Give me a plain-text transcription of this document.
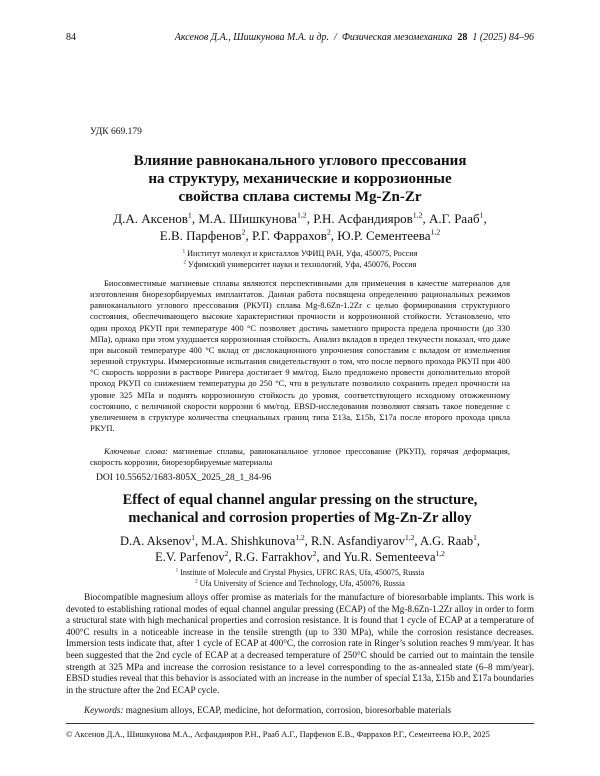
84	Аксенов Д.А., Шишкунова М.А. и др. / Физическая мезомеханика 28 1 (2025) 84–96
УДК 669.179
Влияние равноканального углового прессования
на структуру, механические и коррозионные
свойства сплава системы Mg-Zn-Zr
Д.А. Аксенов$^1$, М.А. Шишкунова$^{1,2}$, Р.Н. Асфандияров$^{1,2}$, А.Г. Рааб$^1$,
Е.В. Парфенов$^2$, Р.Г. Фаррахов$^2$, Ю.Р. Сементеева$^{1,2}$
$^1$ Институт молекул и кристаллов УФИЦ РАН, Уфа, 450075, Россия
$^2$ Уфимский университет науки и технологий, Уфа, 450076, Россия

Биосовместимые магниевые сплавы являются перспективными для применения в качестве материалов для изготовления биорезорбируемых имплантатов. Данная работа посвящена определению рациональных режимов равноканального углового прессования (РКУП) сплава Mg-8.6Zn-1.2Zr с целью формирования структурного состояния, обеспечивающего высокие характеристики прочности и коррозионной стойкости. Установлено, что один проход РКУП при температуре 400 °С позволяет достичь заметного прироста предела прочности (до 330 МПа), однако при этом ухудшается коррозионная стойкость. Анализ вкладов в предел текучести показал, что даже при высокой температуре 400 °С вклад от дислокационного упрочнения сопоставим с вкладом от измельчения зеренной структуры. Иммерсионные испытания свидетельствуют о том, что после первого прохода РКУП при 400 °С скорость коррозии в растворе Рингера достигает 9 мм/год. Было предложено провести дополнительно второй проход РКУП со снижением температуры до 250 °С, что в результате позволило сохранить предел прочности на уровне 325 МПа и поднять коррозионную стойкость до уровня, соответствующего исходному отожженному состоянию, с величиной скорости коррозии 6 мм/год. EBSD-исследования позволяют связать такое поведение с увеличением в структуре количества специальных границ типа Σ13а, Σ15b, Σ17а после второго прохода цикла РКУП.

Ключевые слова: магниевые сплавы, равноканальное угловое прессование (РКУП), горячая деформация, скорость коррозии, биорезорбируемые материалы

DOI 10.55652/1683-805X_2025_28_1_84-96
Effect of equal channel angular pressing on the structure,
mechanical and corrosion properties of Mg-Zn-Zr alloy
D.A. Aksenov$^1$, M.A. Shishkunova$^{1,2}$, R.N. Asfandiyarov$^{1,2}$, A.G. Raab$^1$,
E.V. Parfenov$^2$, R.G. Farrakhov$^2$, and Yu.R. Sementeeva$^{1,2}$
$^1$ Institute of Molecule and Crystal Physics, UFRC RAS, Ufa, 450075, Russia
$^2$ Ufa University of Science and Technology, Ufa, 450076, Russia

Biocompatible magnesium alloys offer promise as materials for the manufacture of bioresorbable implants. This work is devoted to establishing rational modes of equal channel angular pressing (ECAP) of the Mg-8.6Zn-1.2Zr alloy in order to form a structural state with high mechanical properties and corrosion resistance. It is found that 1 cycle of ECAP at a temperature of 400°C results in a noticeable increase in the tensile strength (up to 330 MPa), while the corrosion resistance decreases. Immersion tests indicate that, after 1 cycle of ECAP at 400°C, the corrosion rate in Ringer’s solution reaches 9 mm/year. It has been suggested that the 2nd cycle of ECAP at a decreased temperature of 250°C should be carried out to maintain the tensile strength at 325 MPa and increase the corrosion resistance to a level corresponding to the as-annealed state (6–8 mm/year). EBSD studies reveal that this behavior is associated with an increase in the number of special Σ13a, Σ15b and Σ17a boundaries in the structure after the 2nd ECAP cycle.

Keywords: magnesium alloys, ECAP, medicine, hot deformation, corrosion, bioresorbable materials

© Аксенов Д.А., Шишкунова М.А., Асфандияров Р.Н., Рааб А.Г., Парфенов Е.В., Фаррахов Р.Г., Сементеева Ю.Р., 2025
